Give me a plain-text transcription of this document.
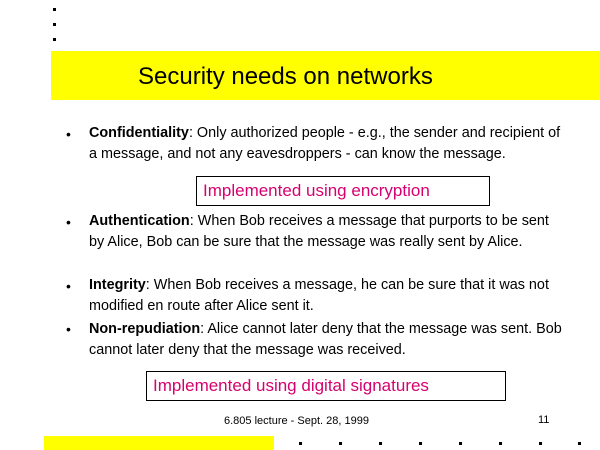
Security needs on networks
• Confidentiality: Only authorized people - e.g., the sender and recipient of a message, and not any eavesdroppers - can know the message.
• Authentication: When Bob receives a message that purports to be sent by Alice, Bob can be sure that the message was really sent by Alice.
• Integrity: When Bob receives a message, he can be sure that it was not modified en route after Alice sent it.
• Non-repudiation: Alice cannot later deny that the message was sent. Bob cannot later deny that the message was received.
Implemented using encryption
Implemented using digital signatures
6.805 lecture - Sept. 28, 1999	11
